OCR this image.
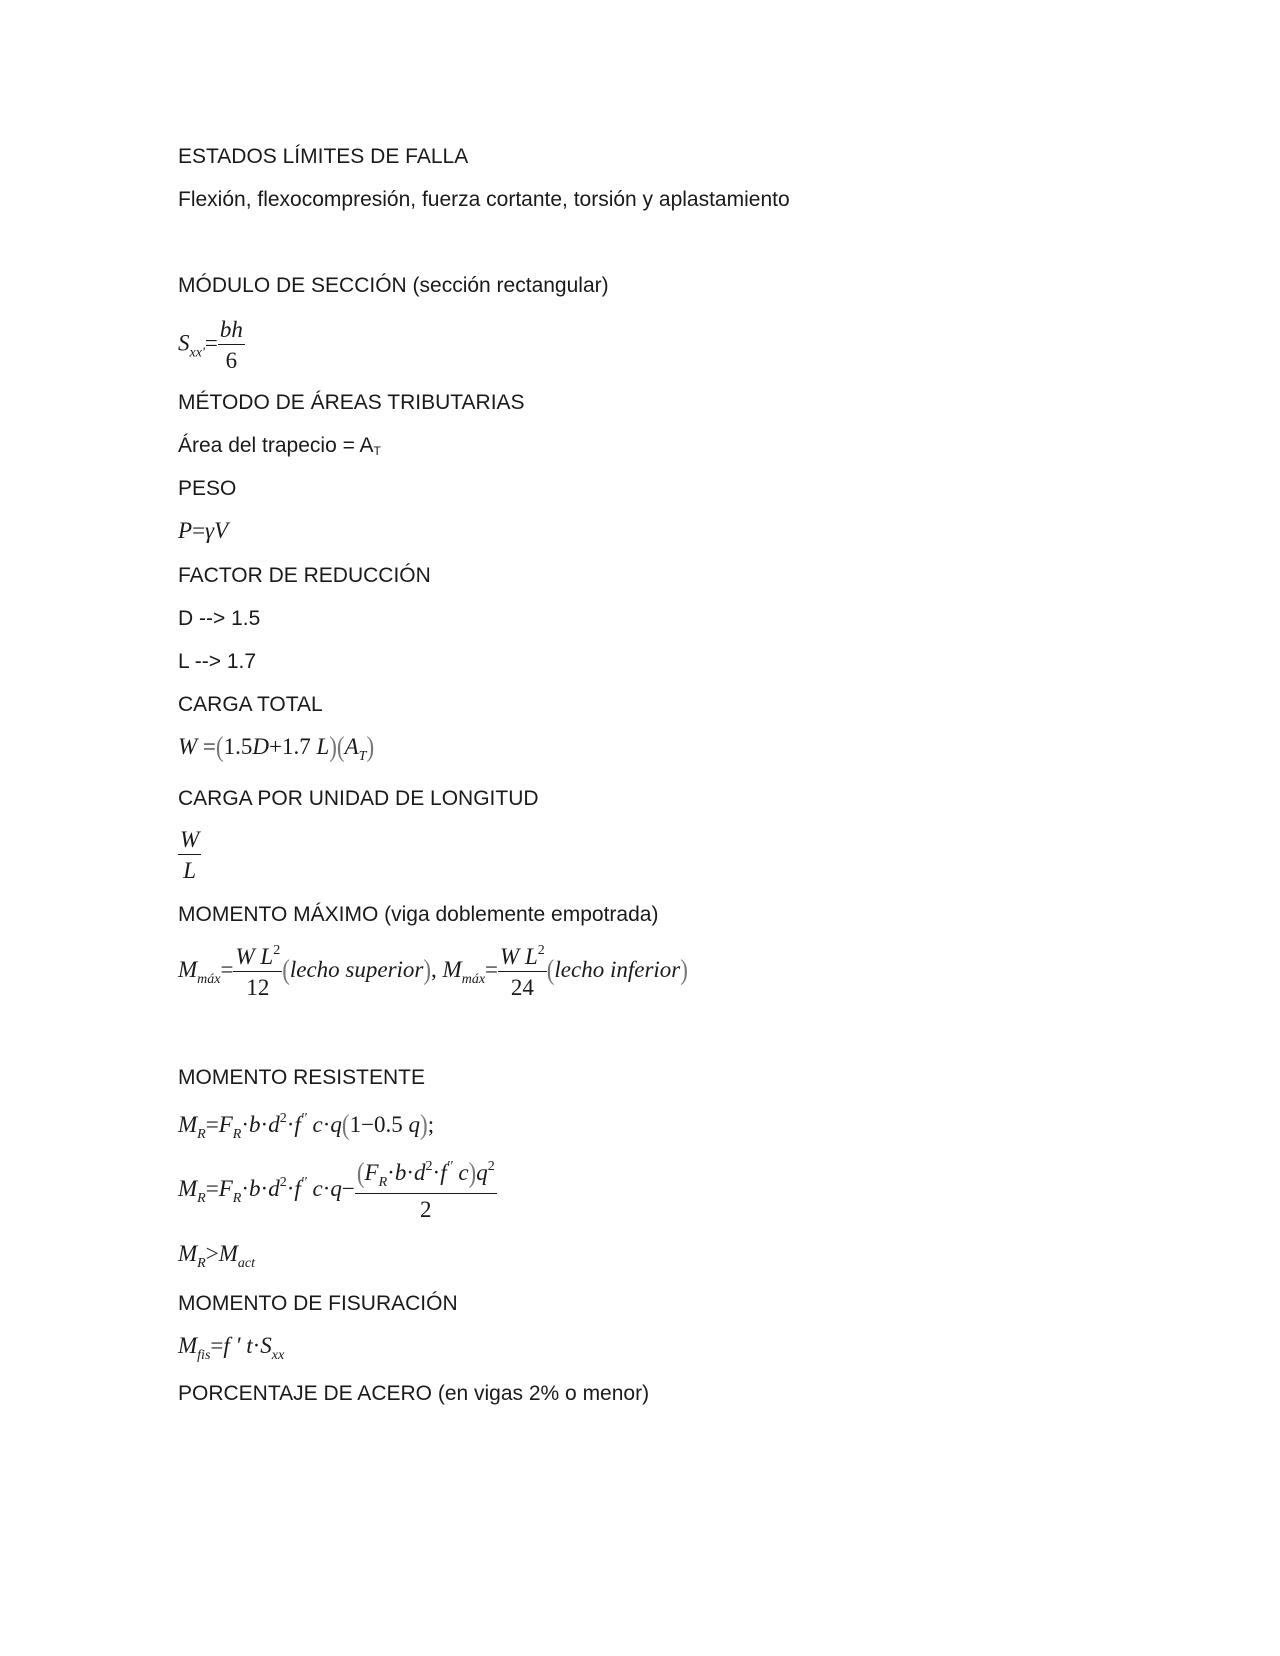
ESTADOS LÍMITES DE FALLA
Flexión, flexocompresión, fuerza cortante, torsión y aplastamiento
MÓDULO DE SECCIÓN (sección rectangular)
$S_{xx'}= \frac{bh}{6}$
MÉTODO DE ÁREAS TRIBUTARIAS
Área del trapecio = AT
PESO
P=γV
FACTOR DE REDUCCIÓN
D --> 1.5
L --> 1.7
CARGA TOTAL
W =(1.5D+1.7 $L)(A_T)$
CARGA POR UNIDAD DE LONGITUD
$\frac{W}{L}$
MOMENTO MÁXIMO (viga doblemente empotrada)
$M_{máx}= \frac{W L^2}{12}$ (lecho superior), $M_{máx}= \frac{W L^2}{24}$ (lecho inferior)
MOMENTO RESISTENTE
$M_R=F_R\cdot b\cdot d^2\cdot f''$ c·q(1−0.5 q);
$M_R=F_R\cdot b\cdot d^2\cdot f''$ $c\cdot q- \frac{(F_R\cdot b\cdot d^2\cdot f'' c)q^2}{2}$
$M_R>M_{act}$
MOMENTO DE FISURACIÓN
$M_{fis}=f$ ' $t\cdot S_{xx}$
PORCENTAJE DE ACERO (en vigas 2% o menor)
